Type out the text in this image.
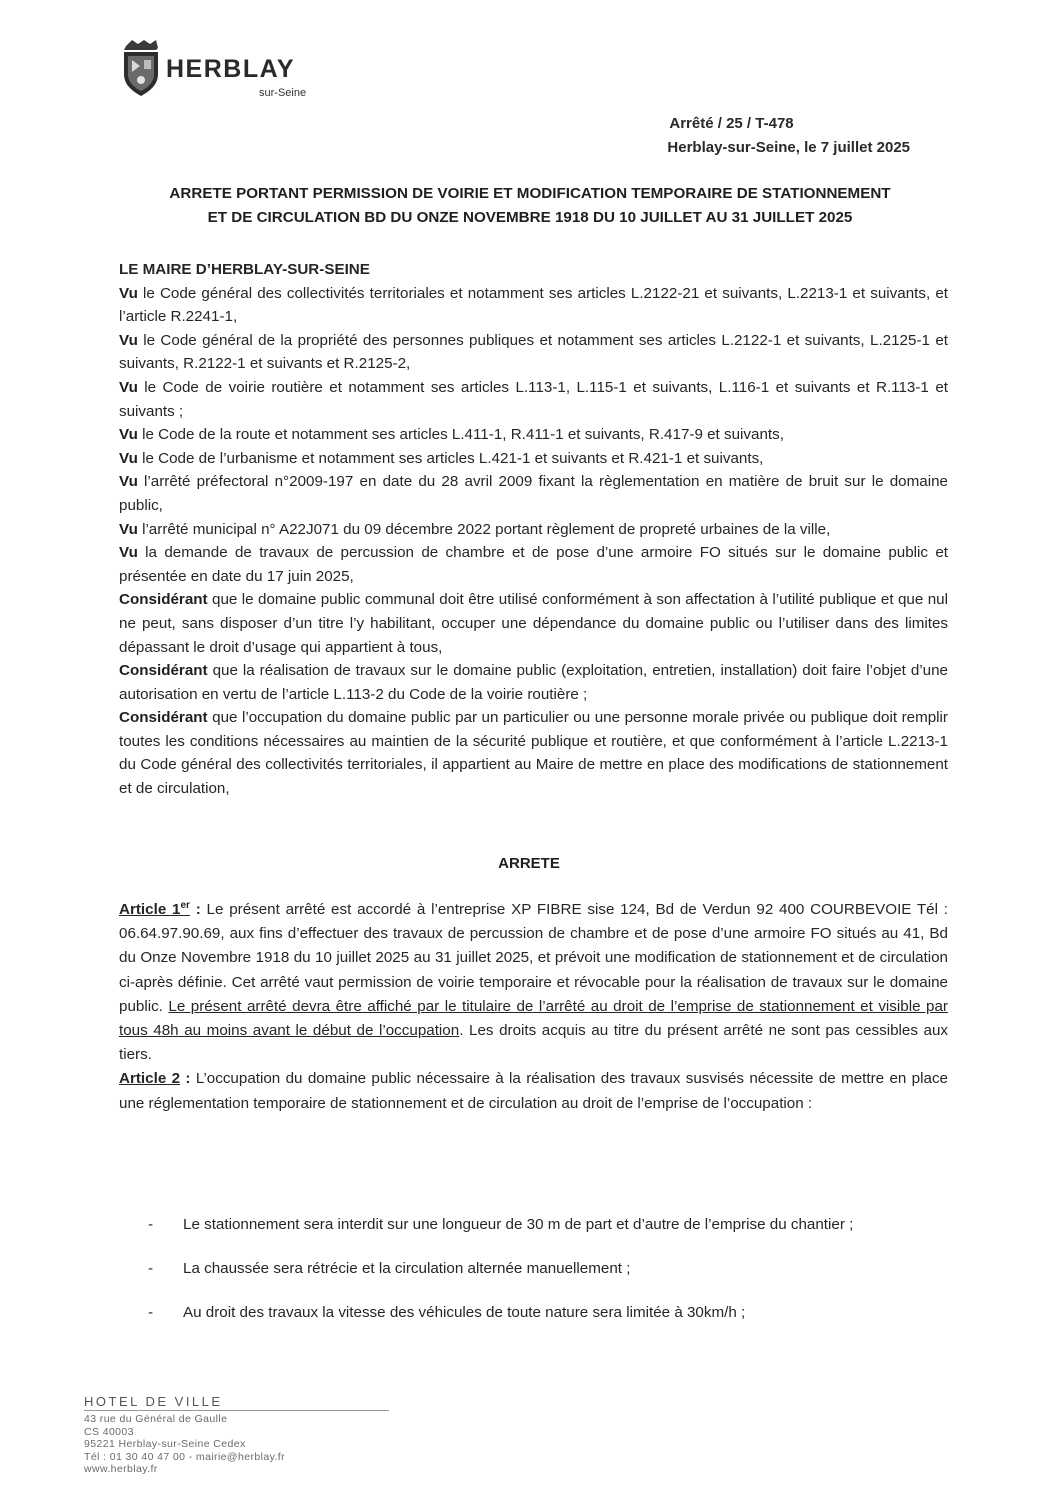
HERBLAY
sur-Seine
Arrêté / 25 / T-478
Herblay-sur-Seine, le 7 juillet 2025
ARRETE PORTANT PERMISSION DE VOIRIE ET MODIFICATION TEMPORAIRE DE STATIONNEMENT
ET DE CIRCULATION BD DU ONZE NOVEMBRE 1918 DU 10 JUILLET AU 31 JUILLET 2025

LE MAIRE D’HERBLAY-SUR-SEINE

Vu le Code général des collectivités territoriales et notamment ses articles L.2122-21 et suivants, L.2213-1 et suivants, et l’article R.2241-1,

Vu le Code général de la propriété des personnes publiques et notamment ses articles L.2122-1 et suivants, L.2125-1 et suivants, R.2122-1 et suivants et R.2125-2,

Vu le Code de voirie routière et notamment ses articles L.113-1, L.115-1 et suivants, L.116-1 et suivants et R.113-1 et suivants ;

Vu le Code de la route et notamment ses articles L.411-1, R.411-1 et suivants, R.417-9 et suivants,

Vu le Code de l’urbanisme et notamment ses articles L.421-1 et suivants et R.421-1 et suivants,

Vu l’arrêté préfectoral n°2009-197 en date du 28 avril 2009 fixant la règlementation en matière de bruit sur le domaine public,

Vu l’arrêté municipal n° A22J071 du 09 décembre 2022 portant règlement de propreté urbaines de la ville,

Vu la demande de travaux de percussion de chambre et de pose d’une armoire FO situés sur le domaine public et présentée en date du 17 juin 2025,

Considérant que le domaine public communal doit être utilisé conformément à son affectation à l’utilité publique et que nul ne peut, sans disposer d’un titre l’y habilitant, occuper une dépendance du domaine public ou l’utiliser dans des limites dépassant le droit d’usage qui appartient à tous,

Considérant que la réalisation de travaux sur le domaine public (exploitation, entretien, installation) doit faire l’objet d’une autorisation en vertu de l’article L.113-2 du Code de la voirie routière ;

Considérant que l’occupation du domaine public par un particulier ou une personne morale privée ou publique doit remplir toutes les conditions nécessaires au maintien de la sécurité publique et routière, et que conformément à l’article L.2213-1 du Code général des collectivités territoriales, il appartient au Maire de mettre en place des modifications de stationnement et de circulation,

ARRETE

Article 1er : Le présent arrêté est accordé à l’entreprise XP FIBRE sise 124, Bd de Verdun 92 400 COURBEVOIE Tél : 06.64.97.90.69, aux fins d’effectuer des travaux de percussion de chambre et de pose d’une armoire FO situés au 41, Bd du Onze Novembre 1918 du 10 juillet 2025 au 31 juillet 2025, et prévoit une modification de stationnement et de circulation ci-après définie. Cet arrêté vaut permission de voirie temporaire et révocable pour la réalisation de travaux sur le domaine public. Le présent arrêté devra être affiché par le titulaire de l’arrêté au droit de l’emprise de stationnement et visible par tous 48h au moins avant le début de l’occupation. Les droits acquis au titre du présent arrêté ne sont pas cessibles aux tiers.

Article 2 : L’occupation du domaine public nécessaire à la réalisation des travaux susvisés nécessite de mettre en place une réglementation temporaire de stationnement et de circulation au droit de l’emprise de l’occupation :

- Le stationnement sera interdit sur une longueur de 30 m de part et d’autre de l’emprise du chantier ;
- La chaussée sera rétrécie et la circulation alternée manuellement ;
- Au droit des travaux la vitesse des véhicules de toute nature sera limitée à 30km/h ;
HOTEL DE VILLE
43 rue du Général de Gaulle
CS 40003
95221 Herblay-sur-Seine Cedex
Tél : 01 30 40 47 00 - mairie@herblay.fr
www.herblay.fr
